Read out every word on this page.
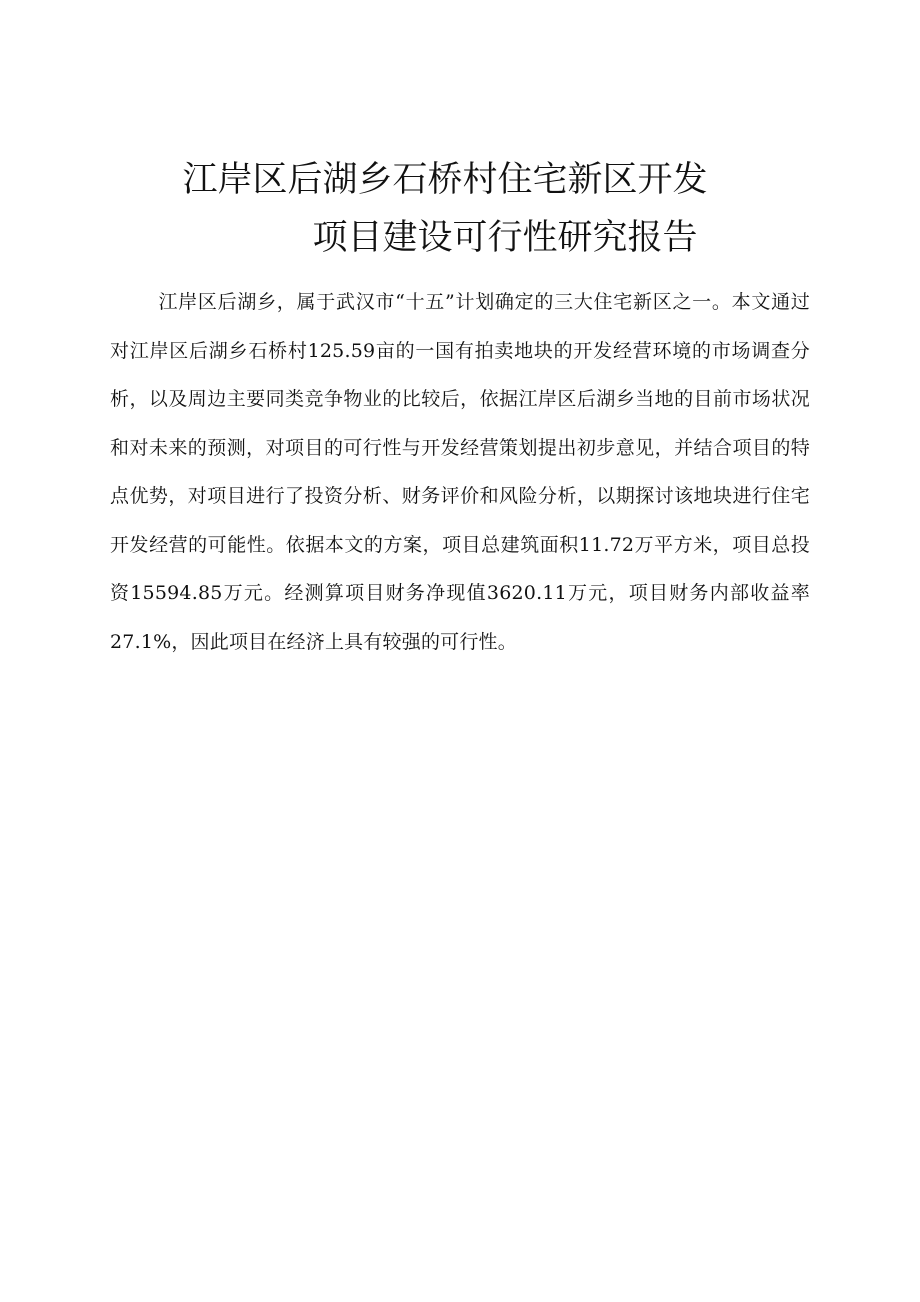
江岸区后湖乡石桥村住宅新区开发
项目建设可行性研究报告

江岸区后湖乡，属于武汉市“十五”计划确定的三大住宅新区之一。本文通过对江岸区后湖乡石桥村125.59亩的一国有拍卖地块的开发经营环境的市场调查分析，以及周边主要同类竞争物业的比较后，依据江岸区后湖乡当地的目前市场状况和对未来的预测，对项目的可行性与开发经营策划提出初步意见，并结合项目的特点优势，对项目进行了投资分析、财务评价和风险分析，以期探讨该地块进行住宅开发经营的可能性。依据本文的方案，项目总建筑面积11.72万平方米，项目总投资15594.85万元。经测算项目财务净现值3620.11万元，项目财务内部收益率27.1%，因此项目在经济上具有较强的可行性。
